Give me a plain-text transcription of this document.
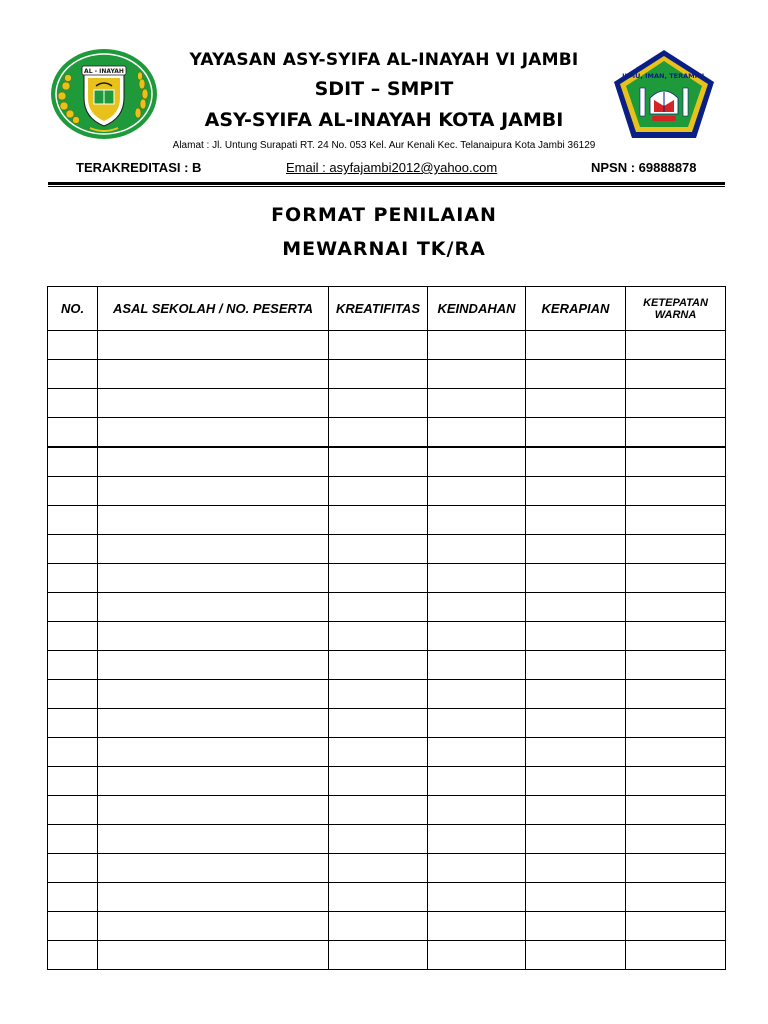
AL - INAYAH
ILMU, IMAN, TERAMPIL
YAYASAN ASY-SYIFA AL-INAYAH VI JAMBI
SDIT – SMPIT
ASY-SYIFA AL-INAYAH KOTA JAMBI
Alamat : Jl. Untung Surapati RT. 24 No. 053 Kel. Aur Kenali Kec. Telanaipura Kota Jambi 36129
TERAKREDITASI : B	Email : asyfajambi2012@yahoo.com	NPSN : 69888878
FORMAT PENILAIAN
MEWARNAI TK/RA
NO.	ASAL SEKOLAH / NO. PESERTA	KREATIFITAS	KEINDAHAN	KERAPIAN	KETEPATAN WARNA
